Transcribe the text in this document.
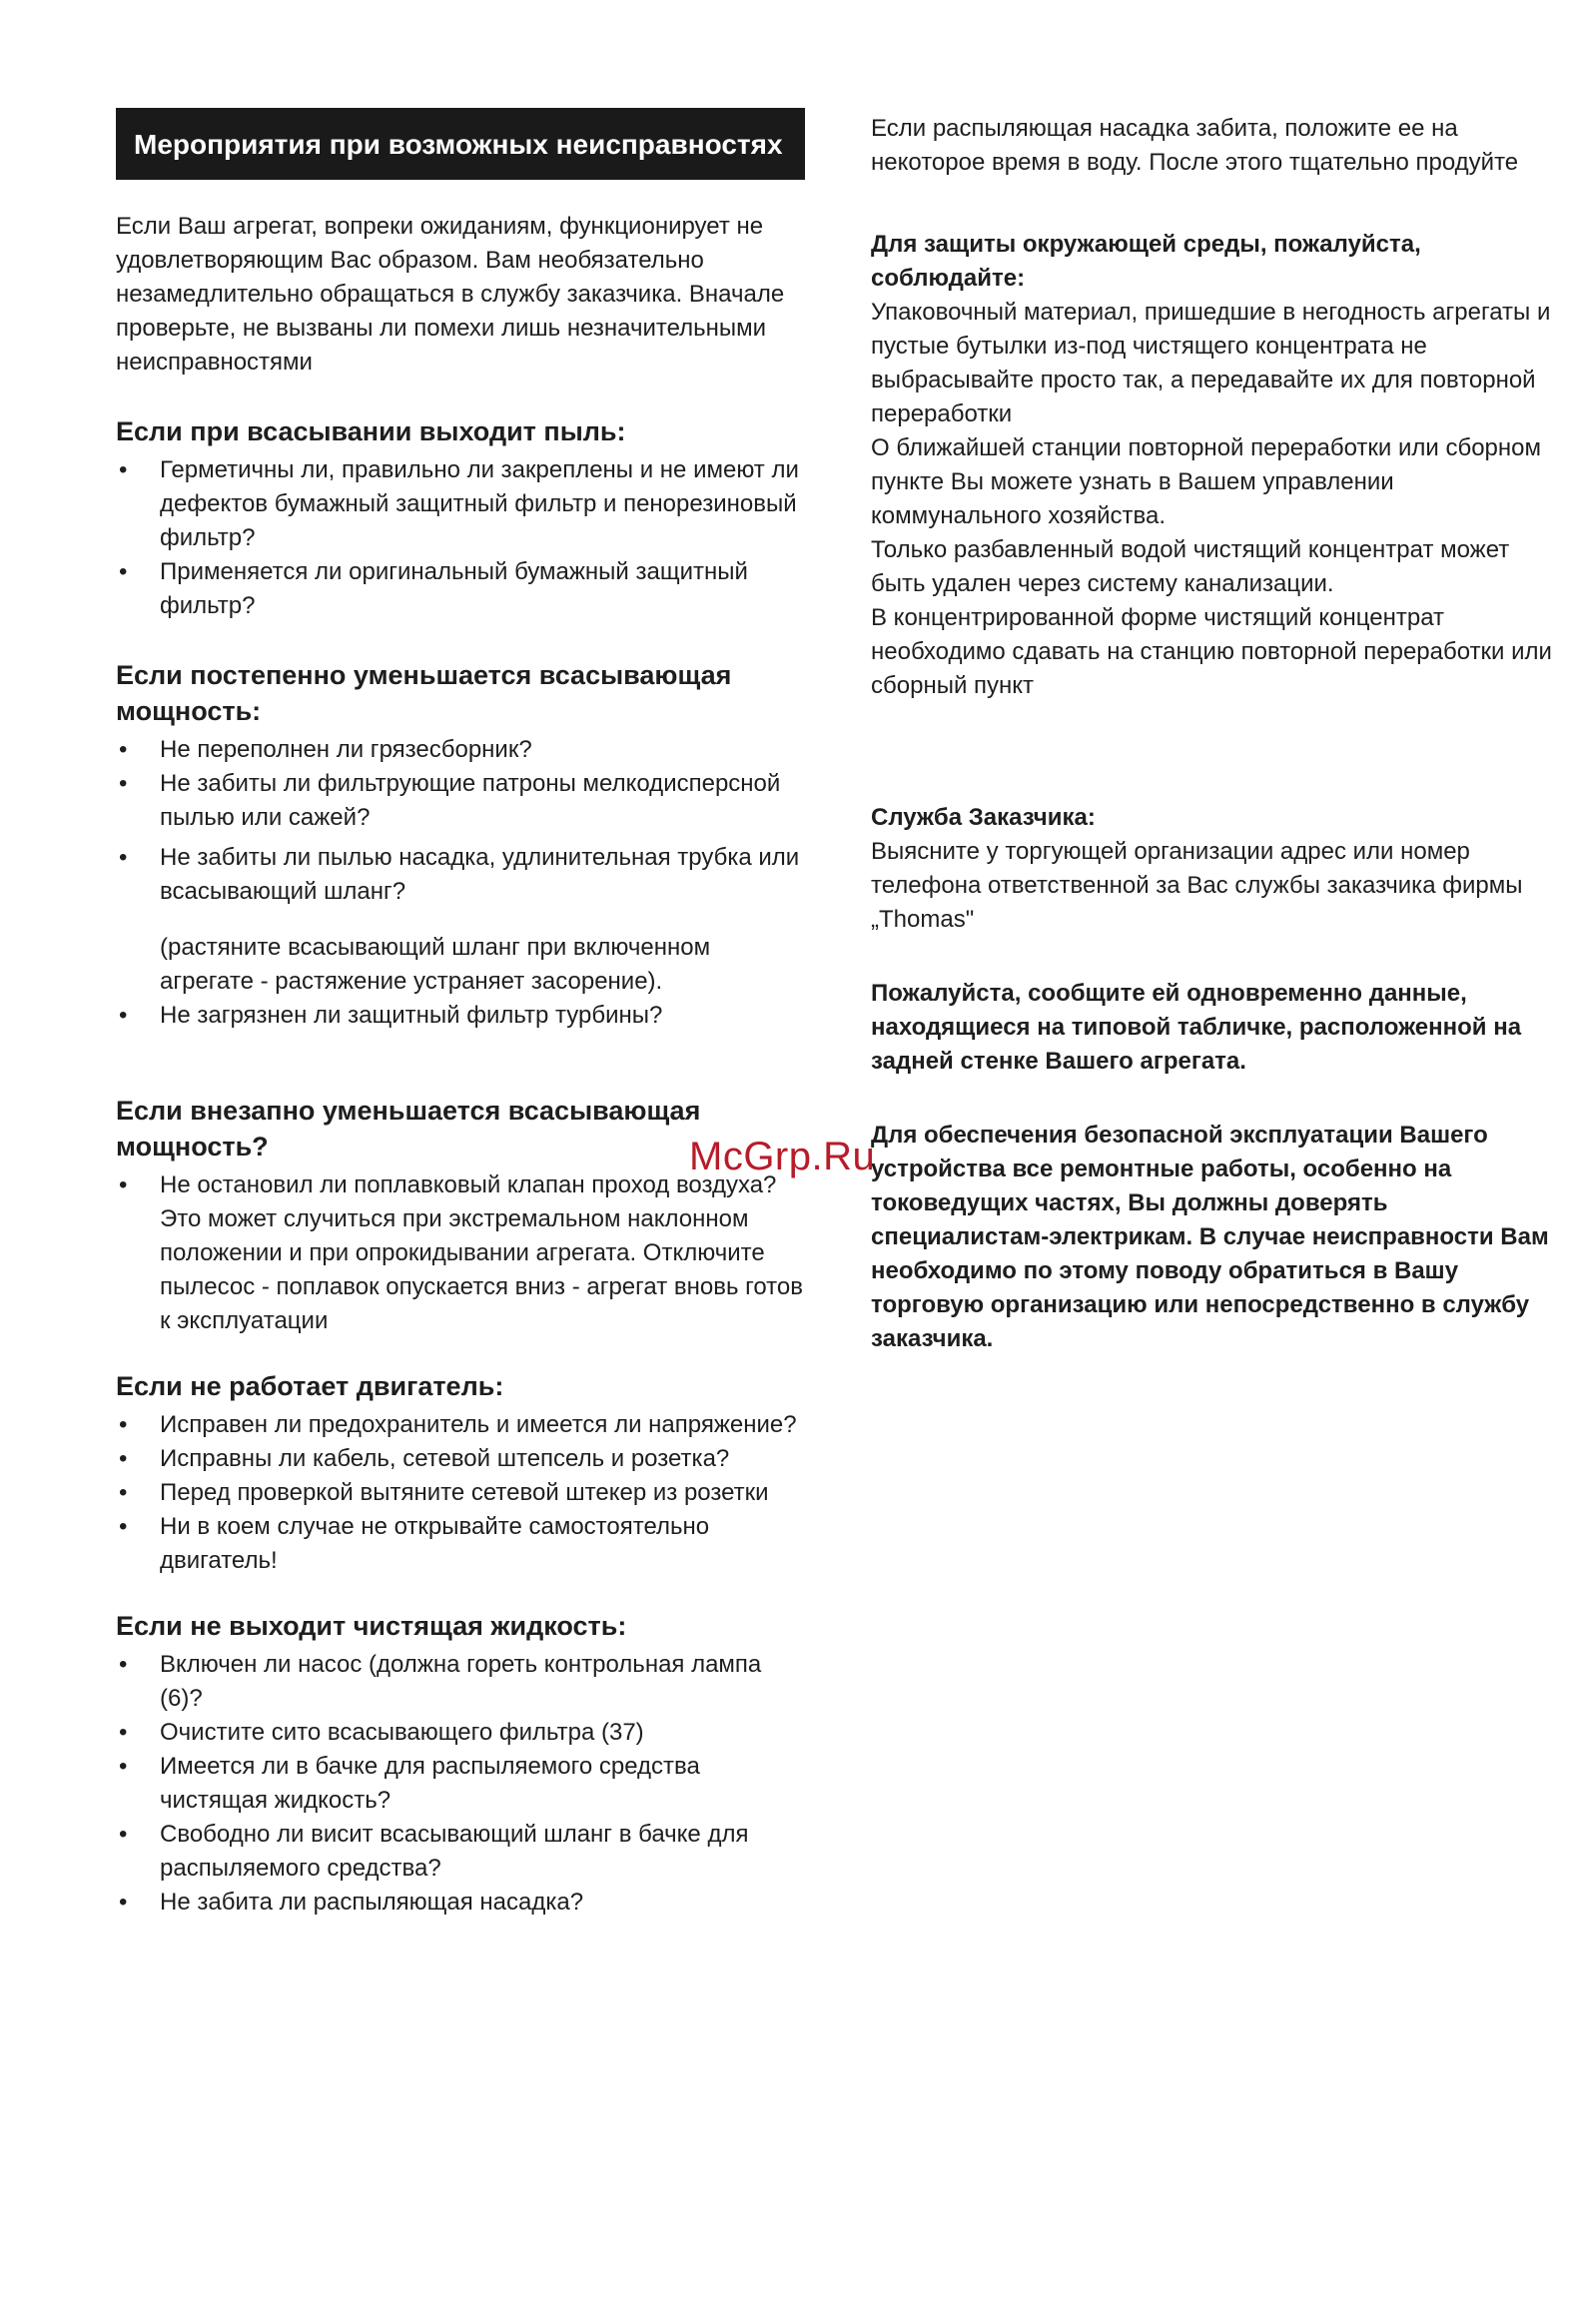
Мероприятия при возможных неисправностях

Если Ваш агрегат, вопреки ожиданиям, функционирует не удовлетворяющим Вас образом. Вам необязательно незамедлительно обращаться в службу заказчика. Вначале проверьте, не вызваны ли помехи лишь незначительными неисправностями

Если при всасывании выходит пыль:
• Герметичны ли, правильно ли закреплены и не имеют ли дефектов бумажный защитный фильтр и пенорезиновый фильтр?
• Применяется ли оригинальный бумажный защитный фильтр?
Если постепенно уменьшается всасывающая мощность:
• Не переполнен ли грязесборник?
• Не забиты ли фильтрующие патроны мелкодисперсной пылью или сажей?
• Не забиты ли пылью насадка, удлинительная трубка или всасывающий шланг?
(растяните всасывающий шланг при включенном агрегате - растяжение устраняет засорение).
• Не загрязнен ли защитный фильтр турбины?
Если внезапно уменьшается всасывающая мощность?
• Не остановил ли поплавковый клапан проход воздуха?
Это может случиться при экстремальном наклонном положении и при опрокидывании агрегата. Отключите пылесос - поплавок опускается вниз - агрегат вновь готов к эксплуатации
Если не работает двигатель:
• Исправен ли предохранитель и имеется ли напряжение?
• Исправны ли кабель, сетевой штепсель и розетка?
• Перед проверкой вытяните сетевой штекер из розетки
• Ни в коем случае не открывайте самостоятельно двигатель!
Если не выходит чистящая жидкость:
• Включен ли насос (должна гореть контрольная лампа (6)?
• Очистите сито всасывающего фильтра (37)
• Имеется ли в бачке для распыляемого средства чистящая жидкость?
• Свободно ли висит всасывающий шланг в бачке для распыляемого средства?
• Не забита ли распыляющая насадка?

Если распыляющая насадка забита, положите ее на некоторое время в воду. После этого тщательно продуйте

Для защиты окружающей среды, пожалуйста, соблюдайте:

Упаковочный материал, пришедшие в негодность агрегаты и пустые бутылки из-под чистящего концентрата не выбрасывайте просто так, а передавайте их для повторной переработки

О ближайшей станции повторной переработки или сборном пункте Вы можете узнать в Вашем управлении коммунального хозяйства.

Только разбавленный водой чистящий концентрат может быть удален через систему канализации.

В концентрированной форме чистящий концентрат необходимо сдавать на станцию повторной переработки или сборный пункт

Служба Заказчика:

Выясните у торгующей организации адрес или номер телефона ответственной за Вас службы заказчика фирмы „Thomas"

Пожалуйста, сообщите ей одновременно данные, находящиеся на типовой табличке, расположенной на задней стенке Вашего агрегата.

Для обеспечения безопасной эксплуатации Вашего устройства все ремонтные работы, особенно на токоведущих частях, Вы должны доверять специалистам-электрикам. В случае неисправности Вам необходимо по этому поводу обратиться в Вашу торговую организацию или непосредственно в службу заказчика.

McGrp.Ru
